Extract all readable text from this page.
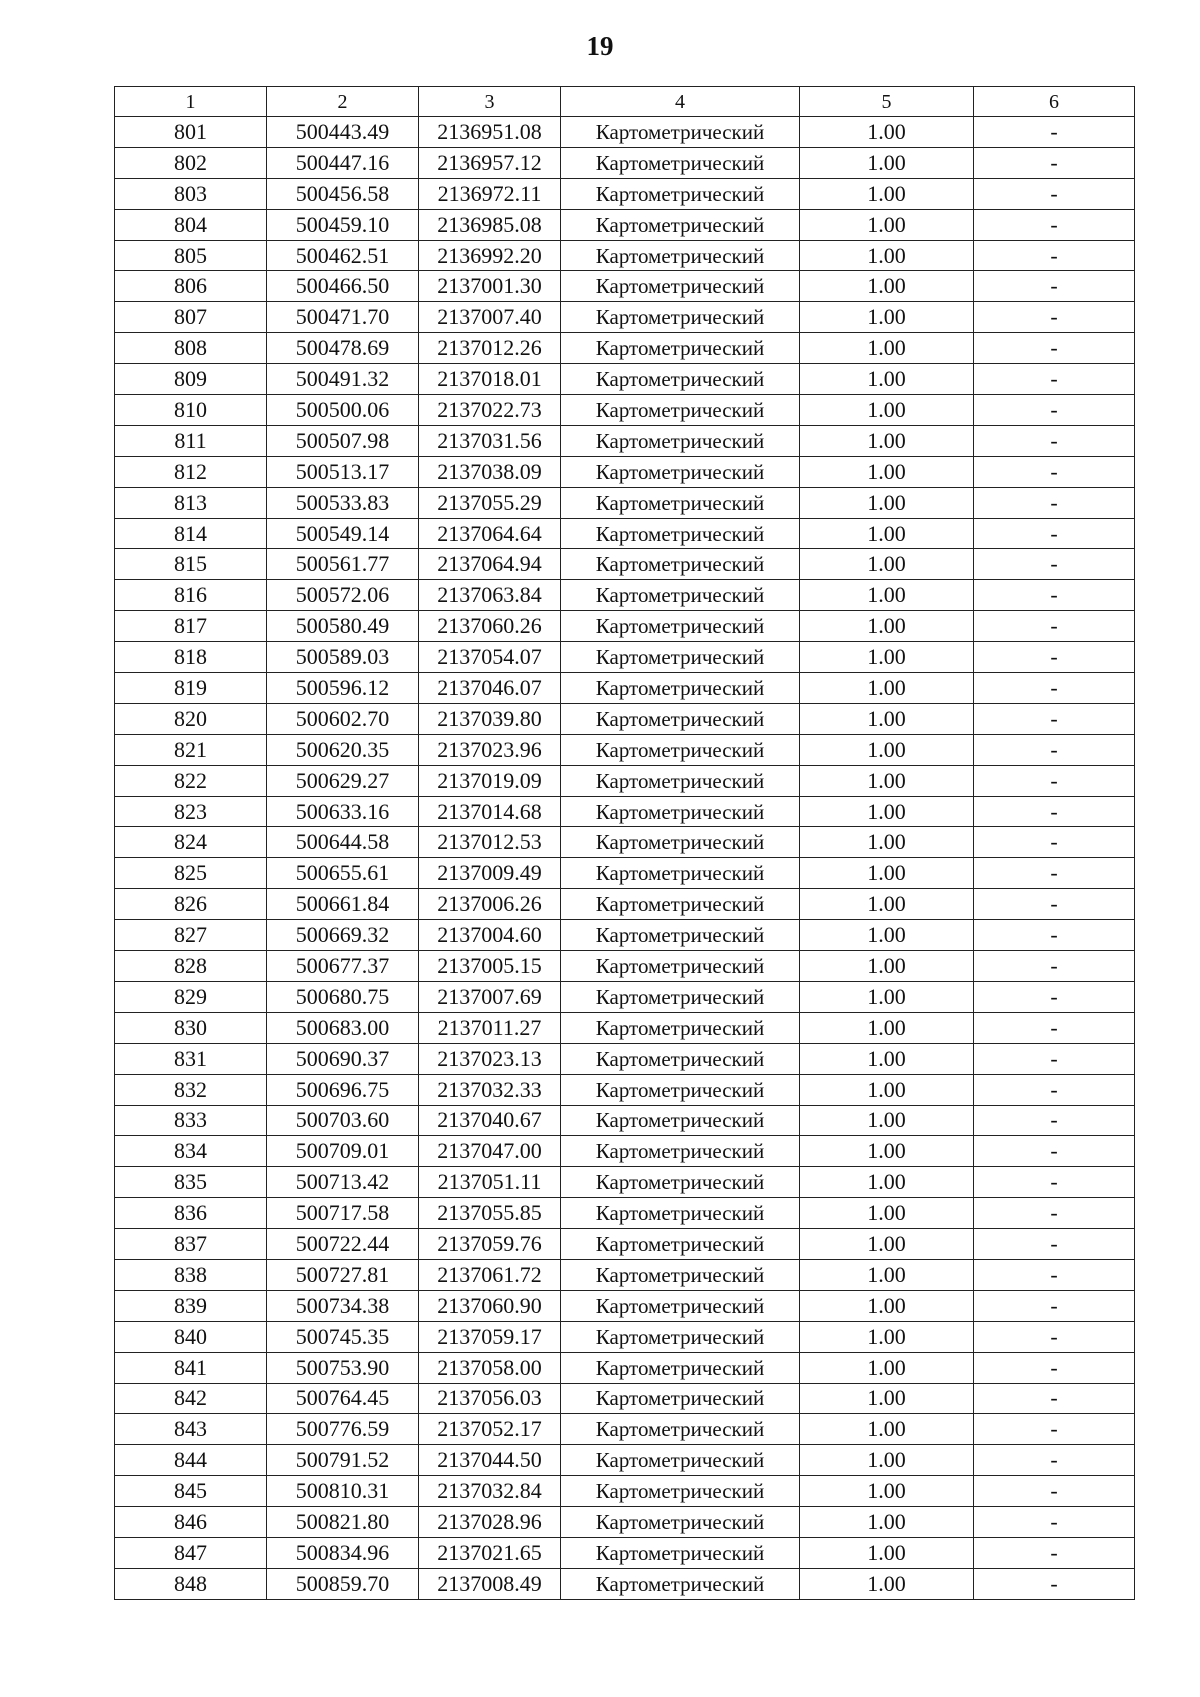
19
1	2	3	4	5	6
801	500443.49	2136951.08	Картометрический	1.00	-
802	500447.16	2136957.12	Картометрический	1.00	-
803	500456.58	2136972.11	Картометрический	1.00	-
804	500459.10	2136985.08	Картометрический	1.00	-
805	500462.51	2136992.20	Картометрический	1.00	-
806	500466.50	2137001.30	Картометрический	1.00	-
807	500471.70	2137007.40	Картометрический	1.00	-
808	500478.69	2137012.26	Картометрический	1.00	-
809	500491.32	2137018.01	Картометрический	1.00	-
810	500500.06	2137022.73	Картометрический	1.00	-
811	500507.98	2137031.56	Картометрический	1.00	-
812	500513.17	2137038.09	Картометрический	1.00	-
813	500533.83	2137055.29	Картометрический	1.00	-
814	500549.14	2137064.64	Картометрический	1.00	-
815	500561.77	2137064.94	Картометрический	1.00	-
816	500572.06	2137063.84	Картометрический	1.00	-
817	500580.49	2137060.26	Картометрический	1.00	-
818	500589.03	2137054.07	Картометрический	1.00	-
819	500596.12	2137046.07	Картометрический	1.00	-
820	500602.70	2137039.80	Картометрический	1.00	-
821	500620.35	2137023.96	Картометрический	1.00	-
822	500629.27	2137019.09	Картометрический	1.00	-
823	500633.16	2137014.68	Картометрический	1.00	-
824	500644.58	2137012.53	Картометрический	1.00	-
825	500655.61	2137009.49	Картометрический	1.00	-
826	500661.84	2137006.26	Картометрический	1.00	-
827	500669.32	2137004.60	Картометрический	1.00	-
828	500677.37	2137005.15	Картометрический	1.00	-
829	500680.75	2137007.69	Картометрический	1.00	-
830	500683.00	2137011.27	Картометрический	1.00	-
831	500690.37	2137023.13	Картометрический	1.00	-
832	500696.75	2137032.33	Картометрический	1.00	-
833	500703.60	2137040.67	Картометрический	1.00	-
834	500709.01	2137047.00	Картометрический	1.00	-
835	500713.42	2137051.11	Картометрический	1.00	-
836	500717.58	2137055.85	Картометрический	1.00	-
837	500722.44	2137059.76	Картометрический	1.00	-
838	500727.81	2137061.72	Картометрический	1.00	-
839	500734.38	2137060.90	Картометрический	1.00	-
840	500745.35	2137059.17	Картометрический	1.00	-
841	500753.90	2137058.00	Картометрический	1.00	-
842	500764.45	2137056.03	Картометрический	1.00	-
843	500776.59	2137052.17	Картометрический	1.00	-
844	500791.52	2137044.50	Картометрический	1.00	-
845	500810.31	2137032.84	Картометрический	1.00	-
846	500821.80	2137028.96	Картометрический	1.00	-
847	500834.96	2137021.65	Картометрический	1.00	-
848	500859.70	2137008.49	Картометрический	1.00	-
